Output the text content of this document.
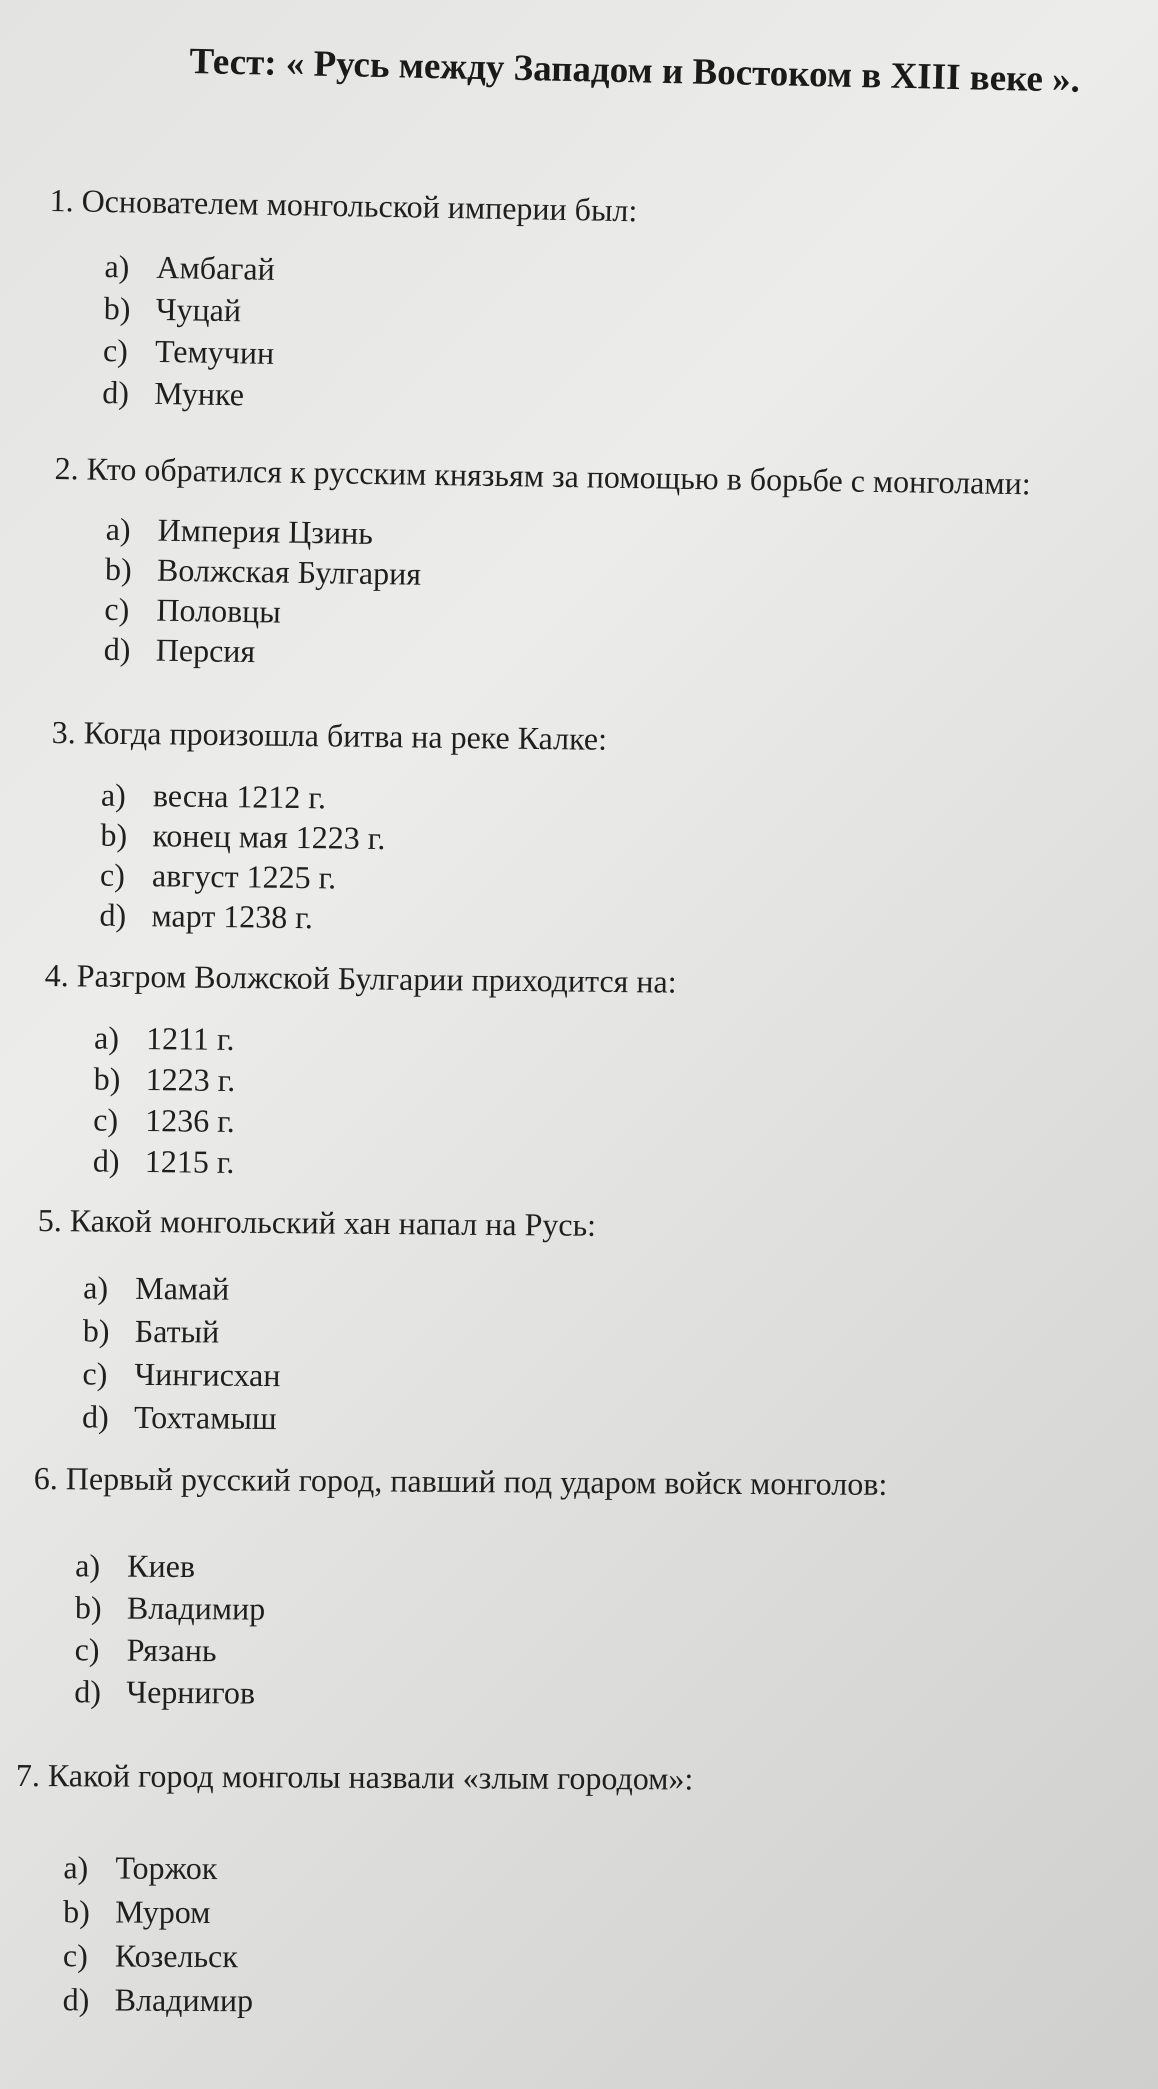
Тест: « Русь между Западом и Востоком в XIII веке ».
1. Основателем монгольской империи был:
a) Амбагай
b) Чуцай
c) Темучин
d) Мунке
2. Кто обратился к русским князьям за помощью в борьбе с монголами:
a) Империя Цзинь
b) Волжская Булгария
c) Половцы
d) Персия
3. Когда произошла битва на реке Калке:
a) весна 1212 г.
b) конец мая 1223 г.
c) август 1225 г.
d) март 1238 г.
4. Разгром Волжской Булгарии приходится на:
a) 1211 г.
b) 1223 г.
c) 1236 г.
d) 1215 г.
5. Какой монгольский хан напал на Русь:
a) Мамай
b) Батый
c) Чингисхан
d) Тохтамыш
6. Первый русский город, павший под ударом войск монголов:
a) Киев
b) Владимир
c) Рязань
d) Чернигов
7. Какой город монголы назвали «злым городом»:
a) Торжок
b) Муром
c) Козельск
d) Владимир
